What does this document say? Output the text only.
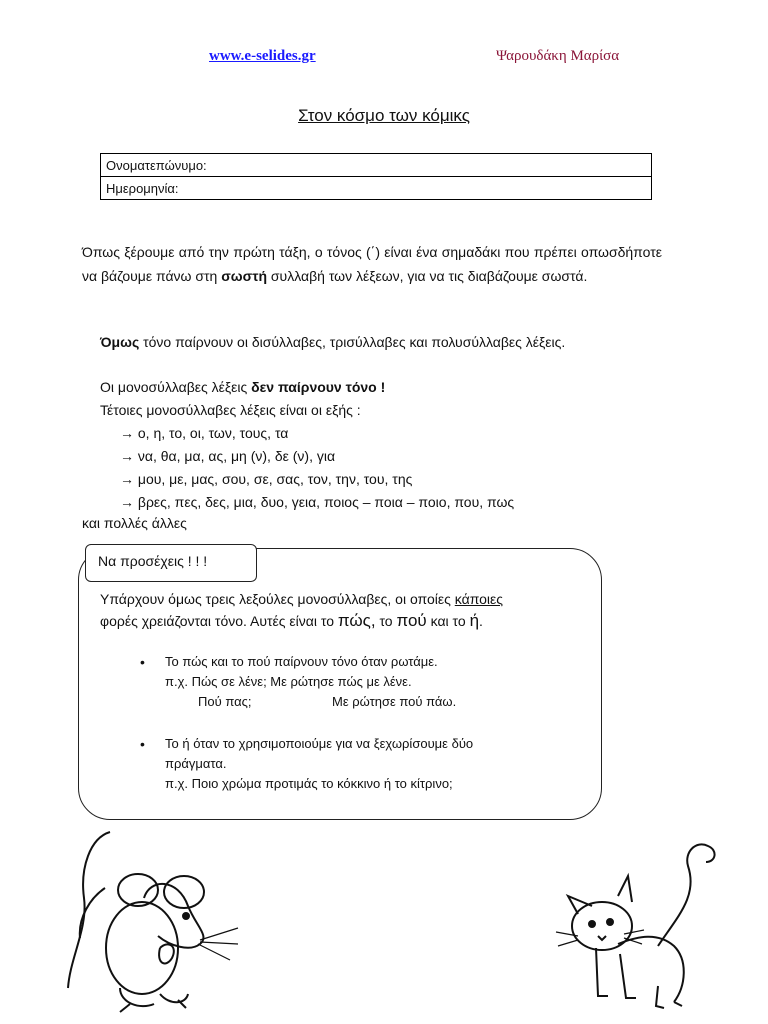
www.e-selides.gr	Ψαρουδάκη Μαρίσα
Στον κόσμο των κόμικς
Ονοματεπώνυμο:
Ημερομηνία:
Όπως ξέρουμε από την πρώτη τάξη, ο τόνος (΄) είναι ένα σημαδάκι που πρέπει οπωσδήποτε να βάζουμε πάνω στη σωστή συλλαβή των λέξεων, για να τις διαβάζουμε σωστά.
Όμως τόνο παίρνουν οι δισύλλαβες, τρισύλλαβες και πολυσύλλαβες λέξεις.
Οι μονοσύλλαβες λέξεις δεν παίρνουν τόνο !
Τέτοιες μονοσύλλαβες λέξεις είναι οι εξής :
→ ο, η, το, οι, των, τους, τα
→ να, θα, μα, ας, μη (ν), δε (ν), για
→ μου, με, μας, σου, σε, σας, τον, την, του, της
→ βρες, πες, δες, μια, δυο, γεια, ποιος – ποια – ποιο, που, πως
και πολλές άλλες
Να προσέχεις ! ! !
Υπάρχουν όμως τρεις λεξούλες μονοσύλλαβες, οι οποίες κάποιες
φορές χρειάζονται τόνο. Αυτές είναι το πώς, το πού και το ή.
•	Το πώς και το πού παίρνουν τόνο όταν ρωτάμε.
π.χ. Πώς σε λένε; Με ρώτησε πώς με λένε.
Πού πας;	Με ρώτησε πού πάω.
•	Το ή όταν το χρησιμοποιούμε για να ξεχωρίσουμε δύο
πράγματα.
π.χ. Ποιο χρώμα προτιμάς το κόκκινο ή το κίτρινο;
